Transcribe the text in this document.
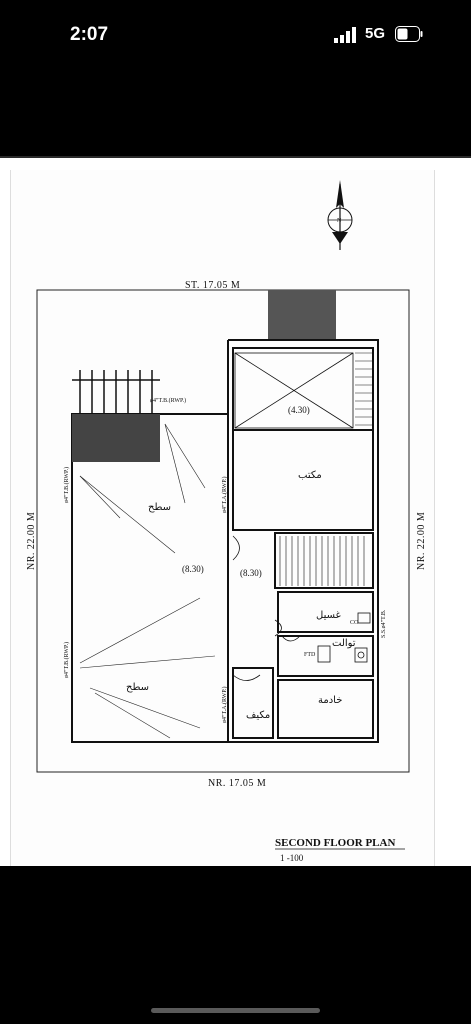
2:07	5G
N
ST. 17.05 M
NR. 17.05 M
NR. 22.00 M	NR. 22.00 M
مكتب
سطح
سطح
غسيل
توالت
خادمة
مكيف
(4.30)
(8.30)	(8.30)
ø4"T.B.(RWP.)
ø4"T.B.(RWP.)
ø4"T.B.(RWP.)
ø4"T.A.(RWP.)
ø4"T.A.(RWP.)
S.S.ø4"T.B.
CO
FTD
SECOND FLOOR PLAN
1 -100
